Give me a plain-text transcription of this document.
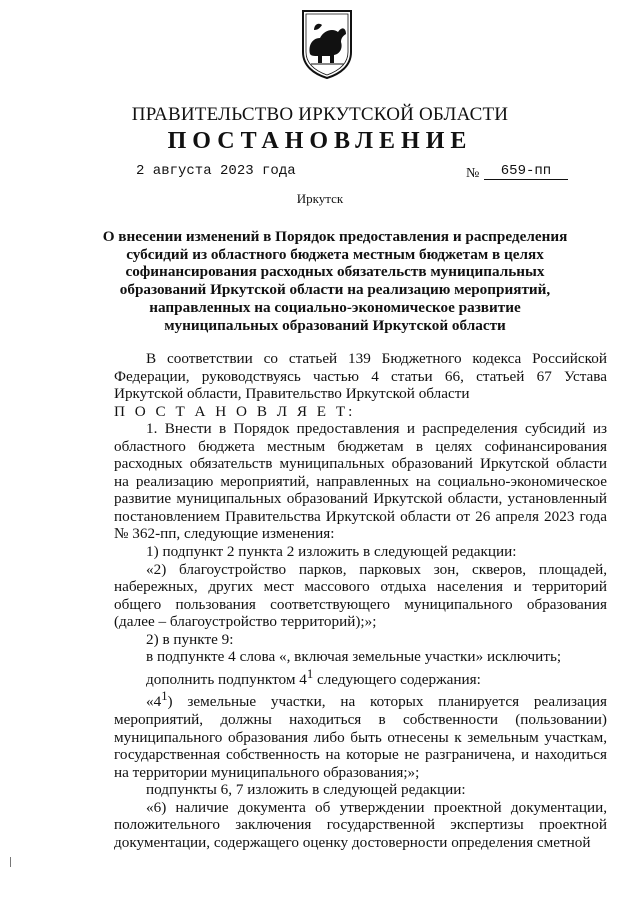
ПРАВИТЕЛЬСТВО ИРКУТСКОЙ ОБЛАСТИ
ПОСТАНОВЛЕНИЕ
2 августа 2023 года	№	659-пп
Иркутск
О внесении изменений в Порядок предоставления и распределения субсидий из областного бюджета местным бюджетам в целях софинансирования расходных обязательств муниципальных образований Иркутской области на реализацию мероприятий, направленных на социально-экономическое развитие муниципальных образований Иркутской области

В соответствии со статьей 139 Бюджетного кодекса Российской Федерации, руководствуясь частью 4 статьи 66, статьей 67 Устава Иркутской области, Правительство Иркутской области

П О С Т А Н О В Л Я Е Т:

1. Внести в Порядок предоставления и распределения субсидий из областного бюджета местным бюджетам в целях софинансирования расходных обязательств муниципальных образований Иркутской области на реализацию мероприятий, направленных на социально-экономическое развитие муниципальных образований Иркутской области, установленный постановлением Правительства Иркутской области от 26 апреля 2023 года № 362-пп, следующие изменения:

1) подпункт 2 пункта 2 изложить в следующей редакции:

«2) благоустройство парков, парковых зон, скверов, площадей, набережных, других мест массового отдыха населения и территорий общего пользования соответствующего муниципального образования (далее – благоустройство территорий);»;

2) в пункте 9:

в подпункте 4 слова «, включая земельные участки» исключить;

дополнить подпунктом $4^1$ следующего содержания:

«$4^1$) земельные участки, на которых планируется реализация мероприятий, должны находиться в собственности (пользовании) муниципального образования либо быть отнесены к земельным участкам, государственная собственность на которые не разграничена, и находиться на территории муниципального образования;»;

подпункты 6, 7 изложить в следующей редакции:

«6) наличие документа об утверждении проектной документации, положительного заключения государственной экспертизы проектной документации, содержащего оценку достоверности определения сметной
